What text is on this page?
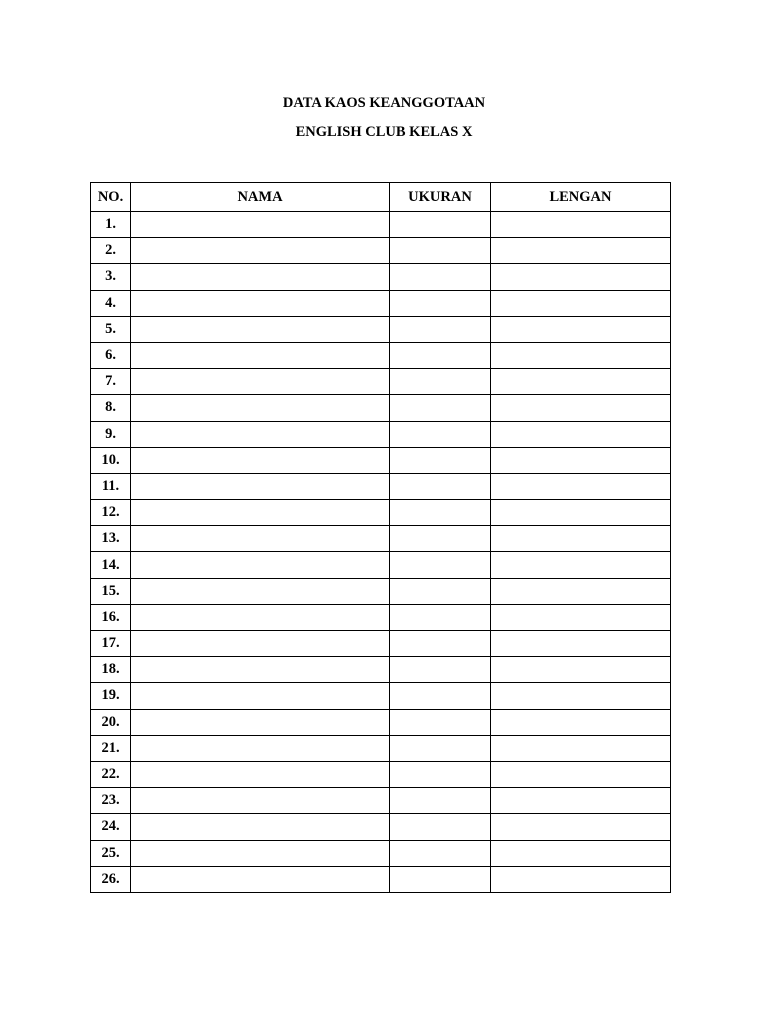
DATA KAOS KEANGGOTAAN
ENGLISH CLUB KELAS X
NO.	NAMA	UKURAN	LENGAN
1.			
2.			
3.			
4.			
5.			
6.			
7.			
8.			
9.			
10.			
11.			
12.			
13.			
14.			
15.			
16.			
17.			
18.			
19.			
20.			
21.			
22.			
23.			
24.			
25.			
26.			
